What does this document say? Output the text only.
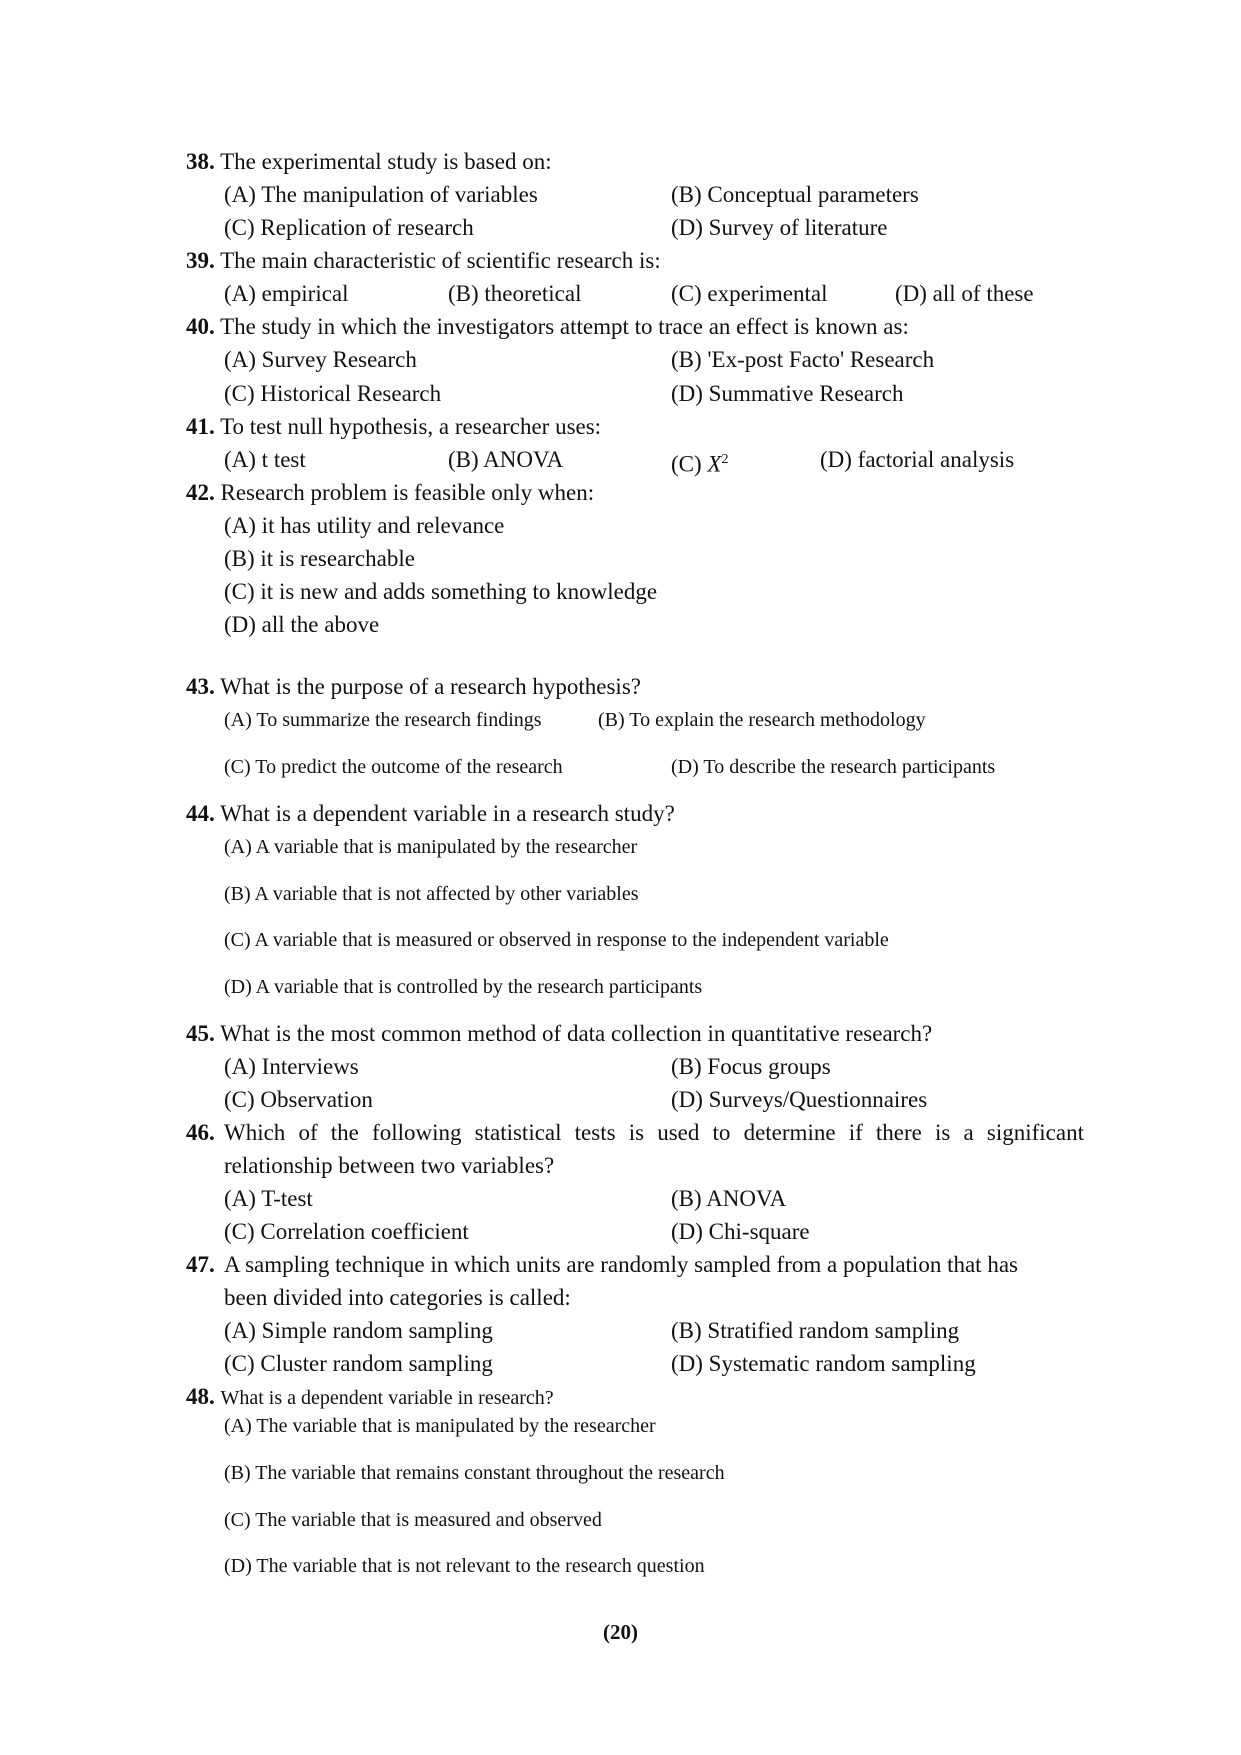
38. The experimental study is based on:
(A) The manipulation of variables	(B) Conceptual parameters
(C) Replication of research	(D) Survey of literature
39. The main characteristic of scientific research is:
(A) empirical	(B) theoretical	(C) experimental	(D) all of these
40. The study in which the investigators attempt to trace an effect is known as:
(A) Survey Research	(B) 'Ex-post Facto' Research
(C) Historical Research	(D) Summative Research
41. To test null hypothesis, a researcher uses:
(A) t test	(B) ANOVA	(C) $X^2$	(D) factorial analysis
42. Research problem is feasible only when:
(A) it has utility and relevance
(B) it is researchable
(C) it is new and adds something to knowledge
(D) all the above
43. What is the purpose of a research hypothesis?
(A) To summarize the research findings	(B) To explain the research methodology
(C) To predict the outcome of the research	(D) To describe the research participants
44. What is a dependent variable in a research study?
(A) A variable that is manipulated by the researcher
(B) A variable that is not affected by other variables
(C) A variable that is measured or observed in response to the independent variable
(D) A variable that is controlled by the research participants
45. What is the most common method of data collection in quantitative research?
(A) Interviews	(B) Focus groups
(C) Observation	(D) Surveys/Questionnaires
46. Which of the following statistical tests is used to determine if there is a significant
relationship between two variables?
(A) T-test	(B) ANOVA
(C) Correlation coefficient	(D) Chi-square
47. A sampling technique in which units are randomly sampled from a population that has
been divided into categories is called:
(A) Simple random sampling	(B) Stratified random sampling
(C) Cluster random sampling	(D) Systematic random sampling
48. What is a dependent variable in research?
(A) The variable that is manipulated by the researcher
(B) The variable that remains constant throughout the research
(C) The variable that is measured and observed
(D) The variable that is not relevant to the research question
(20)
